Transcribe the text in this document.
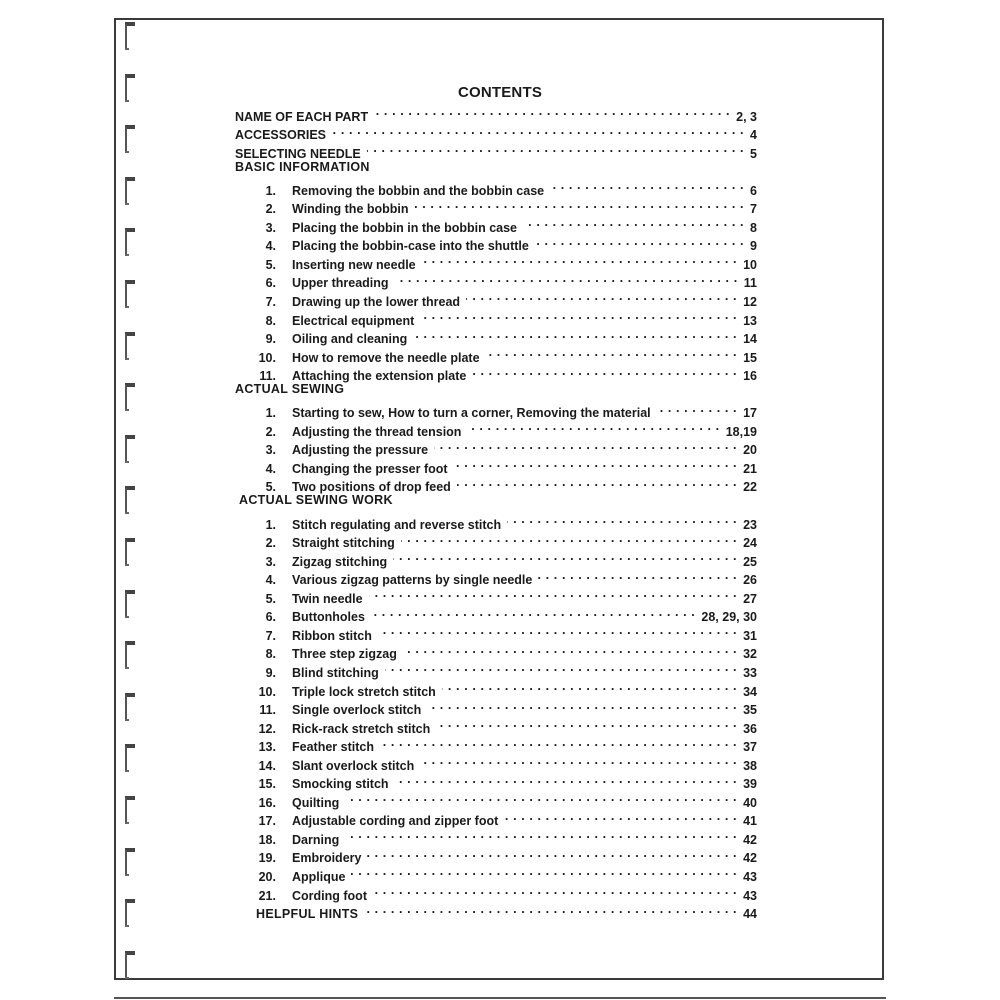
CONTENTS
NAME OF EACH PART . . .	2, 3
ACCESSORIES . . .	4
SELECTING NEEDLE . . .	5
BASIC INFORMATION
1.	Removing the bobbin and the bobbin case . . .	6
2.	Winding the bobbin . . .	7
3.	Placing the bobbin in the bobbin case . . .	8
4.	Placing the bobbin-case into the shuttle . . .	9
5.	Inserting new needle . . .	10
6.	Upper threading . . .	11
7.	Drawing up the lower thread . . .	12
8.	Electrical equipment . . .	13
9.	Oiling and cleaning . . .	14
10.	How to remove the needle plate . . .	15
11.	Attaching the extension plate . . .	16
ACTUAL SEWING
1.	Starting to sew, How to turn a corner, Removing the material . . .	17
2.	Adjusting the thread tension . . .	18,19
3.	Adjusting the pressure . . .	20
4.	Changing the presser foot . . .	21
5.	Two positions of drop feed . . .	22
ACTUAL SEWING WORK
1.	Stitch regulating and reverse stitch . . .	23
2.	Straight stitching . . .	24
3.	Zigzag stitching . . .	25
4.	Various zigzag patterns by single needle . . .	26
5.	Twin needle . . .	27
6.	Buttonholes . . .	28, 29, 30
7.	Ribbon stitch . . .	31
8.	Three step zigzag . . .	32
9.	Blind stitching . . .	33
10.	Triple lock stretch stitch . . .	34
11.	Single overlock stitch . . .	35
12.	Rick-rack stretch stitch . . .	36
13.	Feather stitch . . .	37
14.	Slant overlock stitch . . .	38
15.	Smocking stitch . . .	39
16.	Quilting . . .	40
17.	Adjustable cording and zipper foot . . .	41
18.	Darning . . .	42
19.	Embroidery . . .	42
20.	Applique . . .	43
21.	Cording foot . . .	43
HELPFUL HINTS . . .	44
